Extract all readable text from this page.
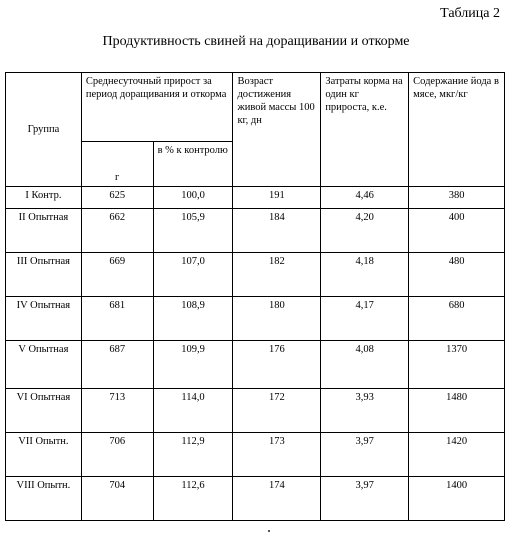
Таблица 2
Продуктивность свиней на доращивании и откорме
Группа	Среднесуточный прирост за период доращивания и откорма		Возраст достижения живой массы 100 кг, дн	Затраты корма на один кг прироста, к.е.	Содержание йода в мясе, мкг/кг
	г	в % к контролю			
I Контр.	625	100,0	191	4,46	380
II Опытная	662	105,9	184	4,20	400
III Опытная	669	107,0	182	4,18	480
IV Опытная	681	108,9	180	4,17	680
V Опытная	687	109,9	176	4,08	1370
VI Опытная	713	114,0	172	3,93	1480
VII Опытн.	706	112,9	173	3,97	1420
VIII Опытн.	704	112,6	174	3,97	1400
